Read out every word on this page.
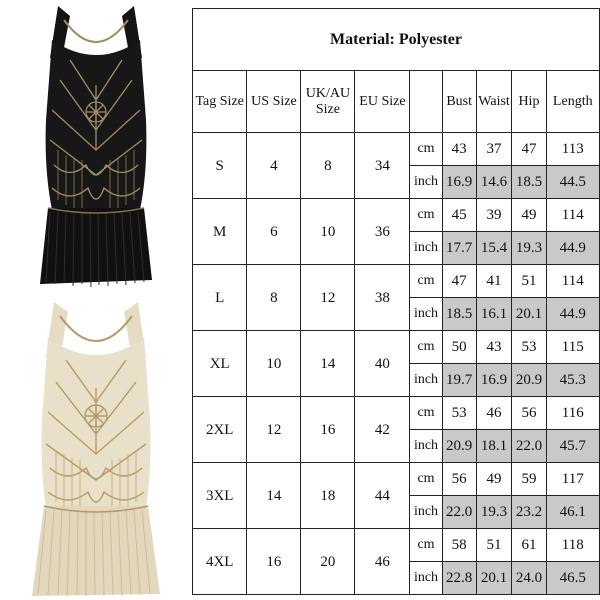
Material: Polyester								
Tag Size	US Size	UK/AU Size	EU Size		Bust	Waist	Hip	Length
S	4	8	34	cm	43	37	47	113
				inch	16.9	14.6	18.5	44.5
M	6	10	36	cm	45	39	49	114
				inch	17.7	15.4	19.3	44.9
L	8	12	38	cm	47	41	51	114
				inch	18.5	16.1	20.1	44.9
XL	10	14	40	cm	50	43	53	115
				inch	19.7	16.9	20.9	45.3
2XL	12	16	42	cm	53	46	56	116
				inch	20.9	18.1	22.0	45.7
3XL	14	18	44	cm	56	49	59	117
				inch	22.0	19.3	23.2	46.1
4XL	16	20	46	cm	58	51	61	118
				inch	22.8	20.1	24.0	46.5
